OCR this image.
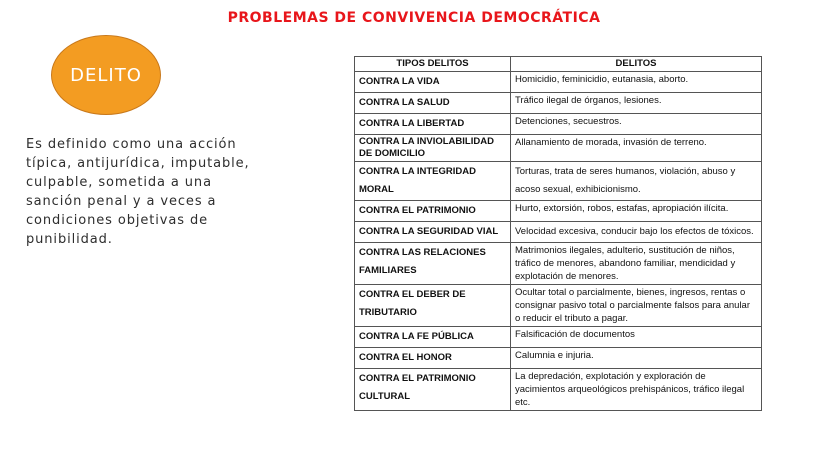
PROBLEMAS DE CONVIVENCIA DEMOCRÁTICA
DELITO
Es definido como una acción típica, antijurídica, imputable, culpable, sometida a una sanción penal y a veces a condiciones objetivas de punibilidad.
TIPOS DELITOS	DELITOS
CONTRA LA VIDA	Homicidio, feminicidio, eutanasia, aborto.
CONTRA LA SALUD	Tráfico ilegal de órganos, lesiones.
CONTRA LA LIBERTAD	Detenciones, secuestros.
CONTRA LA INVIOLABILIDAD DE DOMICILIO	Allanamiento de morada, invasión de terreno.
CONTRA LA INTEGRIDAD MORAL	Torturas, trata de seres humanos, violación, abuso y acoso sexual, exhibicionismo.
CONTRA EL PATRIMONIO	Hurto, extorsión, robos, estafas, apropiación ilícita.
CONTRA LA SEGURIDAD VIAL	Velocidad excesiva, conducir bajo los efectos de tóxicos.
CONTRA LAS RELACIONES FAMILIARES	Matrimonios ilegales, adulterio, sustitución de niños, tráfico de menores, abandono familiar, mendicidad y explotación de menores.
CONTRA EL DEBER DE TRIBUTARIO	Ocultar total o parcialmente, bienes, ingresos, rentas o consignar pasivo total o parcialmente falsos para anular o reducir el tributo a pagar.
CONTRA LA FE PÚBLICA	Falsificación de documentos
CONTRA EL HONOR	Calumnia e injuria.
CONTRA EL PATRIMONIO CULTURAL	La depredación, explotación y exploración de yacimientos arqueológicos prehispánicos, tráfico ilegal etc.
